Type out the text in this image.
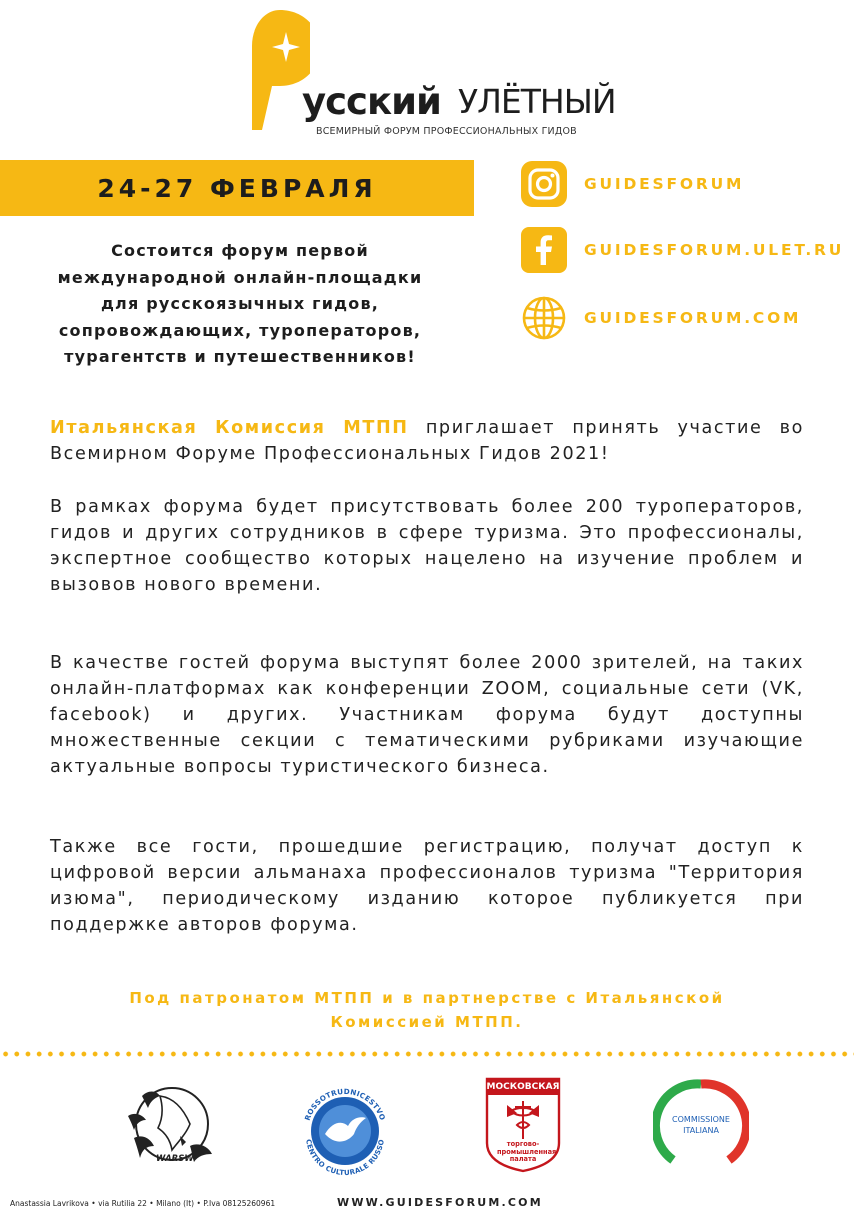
усский УЛЁТНЫЙ
ВСЕМИРНЫЙ ФОРУМ ПРОФЕССИОНАЛЬНЫХ ГИДОВ
24-27 ФЕВРАЛЯ
Состоится форум первой международной онлайн-площадки для русскоязычных гидов, сопровождающих, туроператоров, турагентств и путешественников!
GUIDESFORUM
GUIDESFORUM.ULET.RU
GUIDESFORUM.COM

Итальянская Комиссия МТПП приглашает принять участие во Всемирном Форуме Профессиональных Гидов 2021!

В рамках форума будет присутствовать более 200 туроператоров, гидов и других сотрудников в сфере туризма. Это профессионалы, экспертное сообщество которых нацелено на изучение проблем и вызовов нового времени.

В качестве гостей форума выступят более 2000 зрителей, на таких онлайн-платформах как конференции ZOOM, социальные сети (VK, facebook) и других. Участникам форума будут доступны множественные секции с тематическими рубриками изучающие актуальные вопросы туристического бизнеса.

Также все гости, прошедшие регистрацию, получат доступ к цифровой версии альманаха профессионалов туризма "Территория изюма", периодическому изданию которое публикуется при поддержке авторов форума.

Под патронатом МТПП и в партнерстве с Итальянской Комиссией МТПП.
WARSW
ROSSOTRUDNICESTVO
CENTRO CULTURALE RUSSO
МОСКОВСКАЯ
торгово-промышленная палата
COMMISSIONE
ITALIANA
Anastassia Lavrikova • via Rutilia 22 • Milano (It) • P.Iva 08125260961	WWW.GUIDESFORUM.COM
